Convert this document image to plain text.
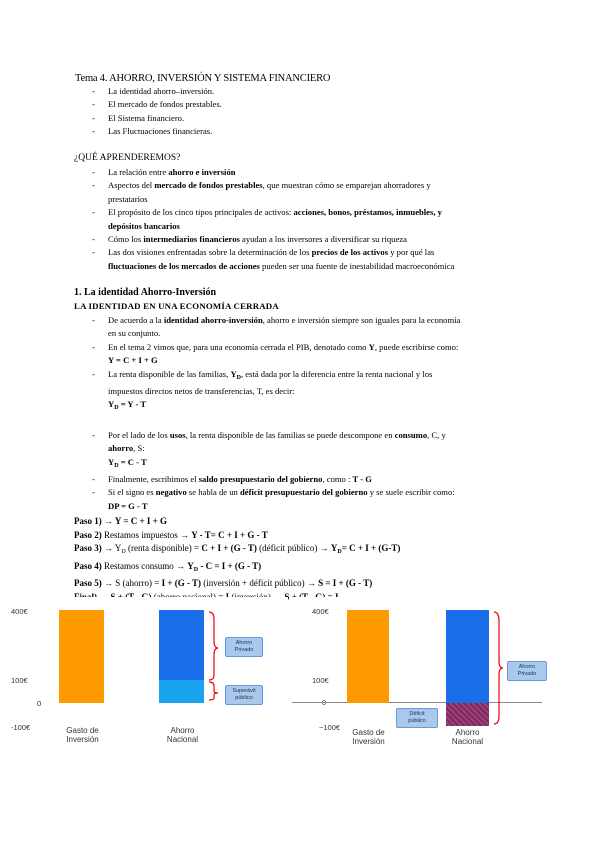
Tema 4. AHORRO, INVERSIÓN Y SISTEMA FINANCIERO
- La identidad ahorro–inversión.
- El mercado de fondos prestables.
- El Sistema financiero.
- Las Fluctuaciones financieras.
¿QUÉ APRENDEREMOS?
- La relación entre ahorro e inversión
- Aspectos del mercado de fondos prestables, que muestran cómo se emparejan ahorradores y
prestatarios
- El propósito de los cinco tipos principales de activos: acciones, bonos, préstamos, inmuebles, y
depósitos bancarios
- Cómo los intermediarios financieros ayudan a los inversores a diversificar su riqueza
- Las dos visiones enfrentadas sobre la determinación de los precios de los activos y por qué las
fluctuaciones de los mercados de acciones pueden ser una fuente de inestabilidad macroeconómica
1. La identidad Ahorro-Inversión
LA IDENTIDAD EN UNA ECONOMÍA CERRADA
- De acuerdo a la identidad ahorro-inversión, ahorro e inversión siempre son iguales para la economía
en su conjunto.
- En el tema 2 vimos que, para una economía cerrada el PIB, denotado como Y, puede escribirse como:
Y = C + I + G
- La renta disponible de las familias, $Y_D$, está dada por la diferencia entre la renta nacional y los
impuestos directos netos de transferencias, T, es decir:
$Y_D = Y - T$
- Por el lado de los usos, la renta disponible de las familias se puede descompone en consumo, C, y
ahorro, S:
$Y_D = C - T$
- Finalmente, escribimos el saldo presupuestario del gobierno, como : T - G
- Si el signo es negativo se habla de un déficit presupuestario del gobierno y se suele escribir como:
DP = G - T
Paso 1) → Y = C + I + G
Paso 2) Restamos impuestos → Y - T= C + I + G - T
Paso $3) \to Y_D$ (renta disponible) = C + I + (G - T) (déficit público) → $Y_D= C + I + (G-T)$
Paso 4) Restamos consumo → $Y_D - C = I + (G - T)$
Paso 5) → S (ahorro) = I + (G - T) (inversión + déficit público) → S = I + (G - T)
400€
100€
0
-100€
Ahorro Privado
Superávit público
Gasto de Inversión
Ahorro Nacional
400€
100€
−100€
Ahorro Privado
Déficit público
Gasto de Inversión
Ahorro Nacional
